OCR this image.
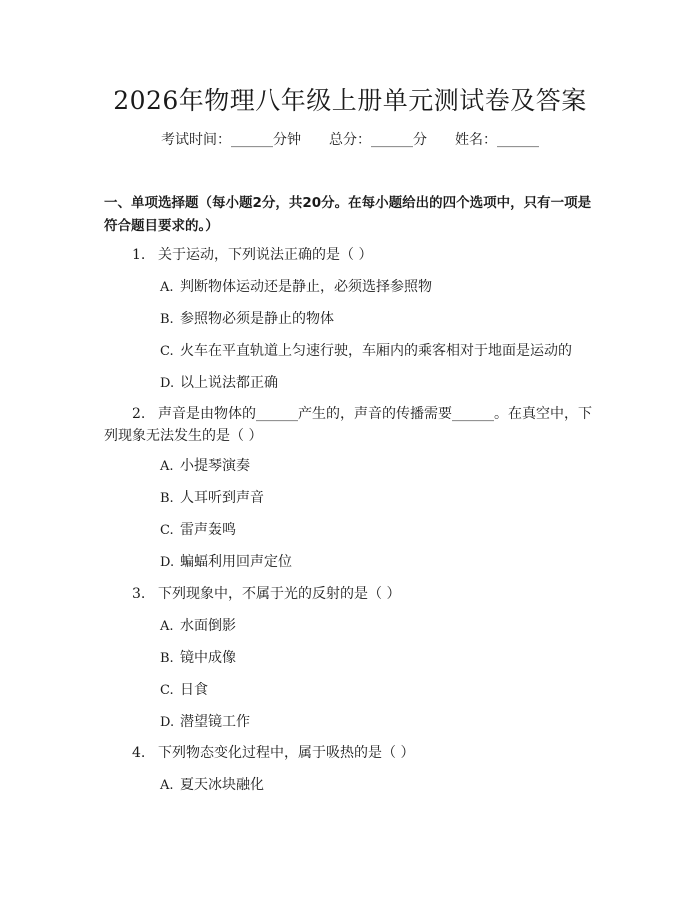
2026年物理八年级上册单元测试卷及答案
考试时间：______分钟 总分：______分 姓名：______
一、单项选择题（每小题2分，共20分。在每小题给出的四个选项中，只有一项是符合题目要求的。）
1. 关于运动，下列说法正确的是（ ）
A. 判断物体运动还是静止，必须选择参照物
B. 参照物必须是静止的物体
C. 火车在平直轨道上匀速行驶，车厢内的乘客相对于地面是运动的
D. 以上说法都正确
2. 声音是由物体的______产生的，声音的传播需要______。在真空中，下列现象无法发生的是（ ）
A. 小提琴演奏
B. 人耳听到声音
C. 雷声轰鸣
D. 蝙蝠利用回声定位
3. 下列现象中，不属于光的反射的是（ ）
A. 水面倒影
B. 镜中成像
C. 日食
D. 潜望镜工作
4. 下列物态变化过程中，属于吸热的是（ ）
A. 夏天冰块融化
